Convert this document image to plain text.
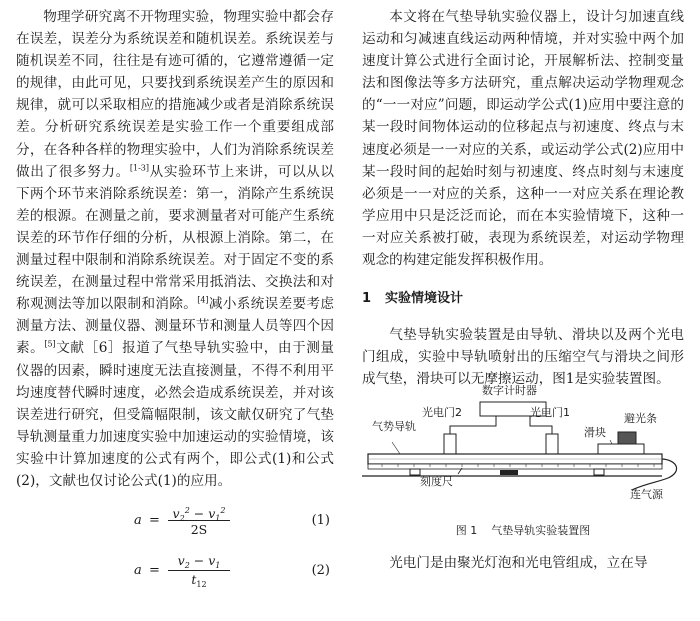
物理学研究离不开物理实验，物理实验中都会存在误差，误差分为系统误差和随机误差。系统误差与随机误差不同，往往是有迹可循的，它遵常遵循一定的规律，由此可见，只要找到系统误差产生的原因和规律，就可以采取相应的措施减少或者是消除系统误差。分析研究系统误差是实验工作一个重要组成部分，在各种各样的物理实验中，人们为消除系统误差做出了很多努力。[1-3]从实验环节上来讲，可以从以下两个环节来消除系统误差：第一，消除产生系统误差的根源。在测量之前，要求测量者对可能产生系统误差的环节作仔细的分析，从根源上消除。第二，在测量过程中限制和消除系统误差。对于固定不变的系统误差，在测量过程中常常采用抵消法、交换法和对称观测法等加以限制和消除。[4]减小系统误差要考虑测量方法、测量仪器、测量环节和测量人员等四个因素。[5]文献［6］报道了气垫导轨实验中，由于测量仪器的因素，瞬时速度无法直接测量，不得不利用平均速度替代瞬时速度，必然会造成系统误差，并对该误差进行研究，但受篇幅限制，该文献仅研究了气垫导轨测量重力加速度实验中加速运动的实验情境，该实验中计算加速度的公式有两个，即公式(1)和公式(2)，文献也仅讨论公式(1)的应用。

a =	$v_2^2 - v_1^2$
2S
(1)
a =
$v_2 - v_1$
$t_{12}$
(2)

本文将在气垫导轨实验仪器上，设计匀加速直线运动和匀减速直线运动两种情境，并对实验中两个加速度计算公式进行全面讨论，开展解析法、控制变量法和图像法等多方法研究，重点解决运动学物理观念的“一一对应”问题，即运动学公式(1)应用中要注意的某一段时间物体运动的位移起点与初速度、终点与末速度必须是一一对应的关系，或运动学公式(2)应用中某一段时间的起始时刻与初速度、终点时刻与末速度必须是一一对应的关系，这种一一对应关系在理论教学应用中只是泛泛而论，而在本实验情境下，这种一一对应关系被打破，表现为系统误差，对运动学物理观念的构建定能发挥积极作用。

1 实验情境设计

气垫导轨实验装置是由导轨、滑块以及两个光电门组成，实验中导轨喷射出的压缩空气与滑块之间形成气垫，滑块可以无摩擦运动，图1是实验装置图。

数字计时器
光电门2	光电门1
气势导轨	滑块
避光条
刻度尺
连气源
图 1 气垫导轨实验装置图

光电门是由聚光灯泡和光电管组成，立在导
